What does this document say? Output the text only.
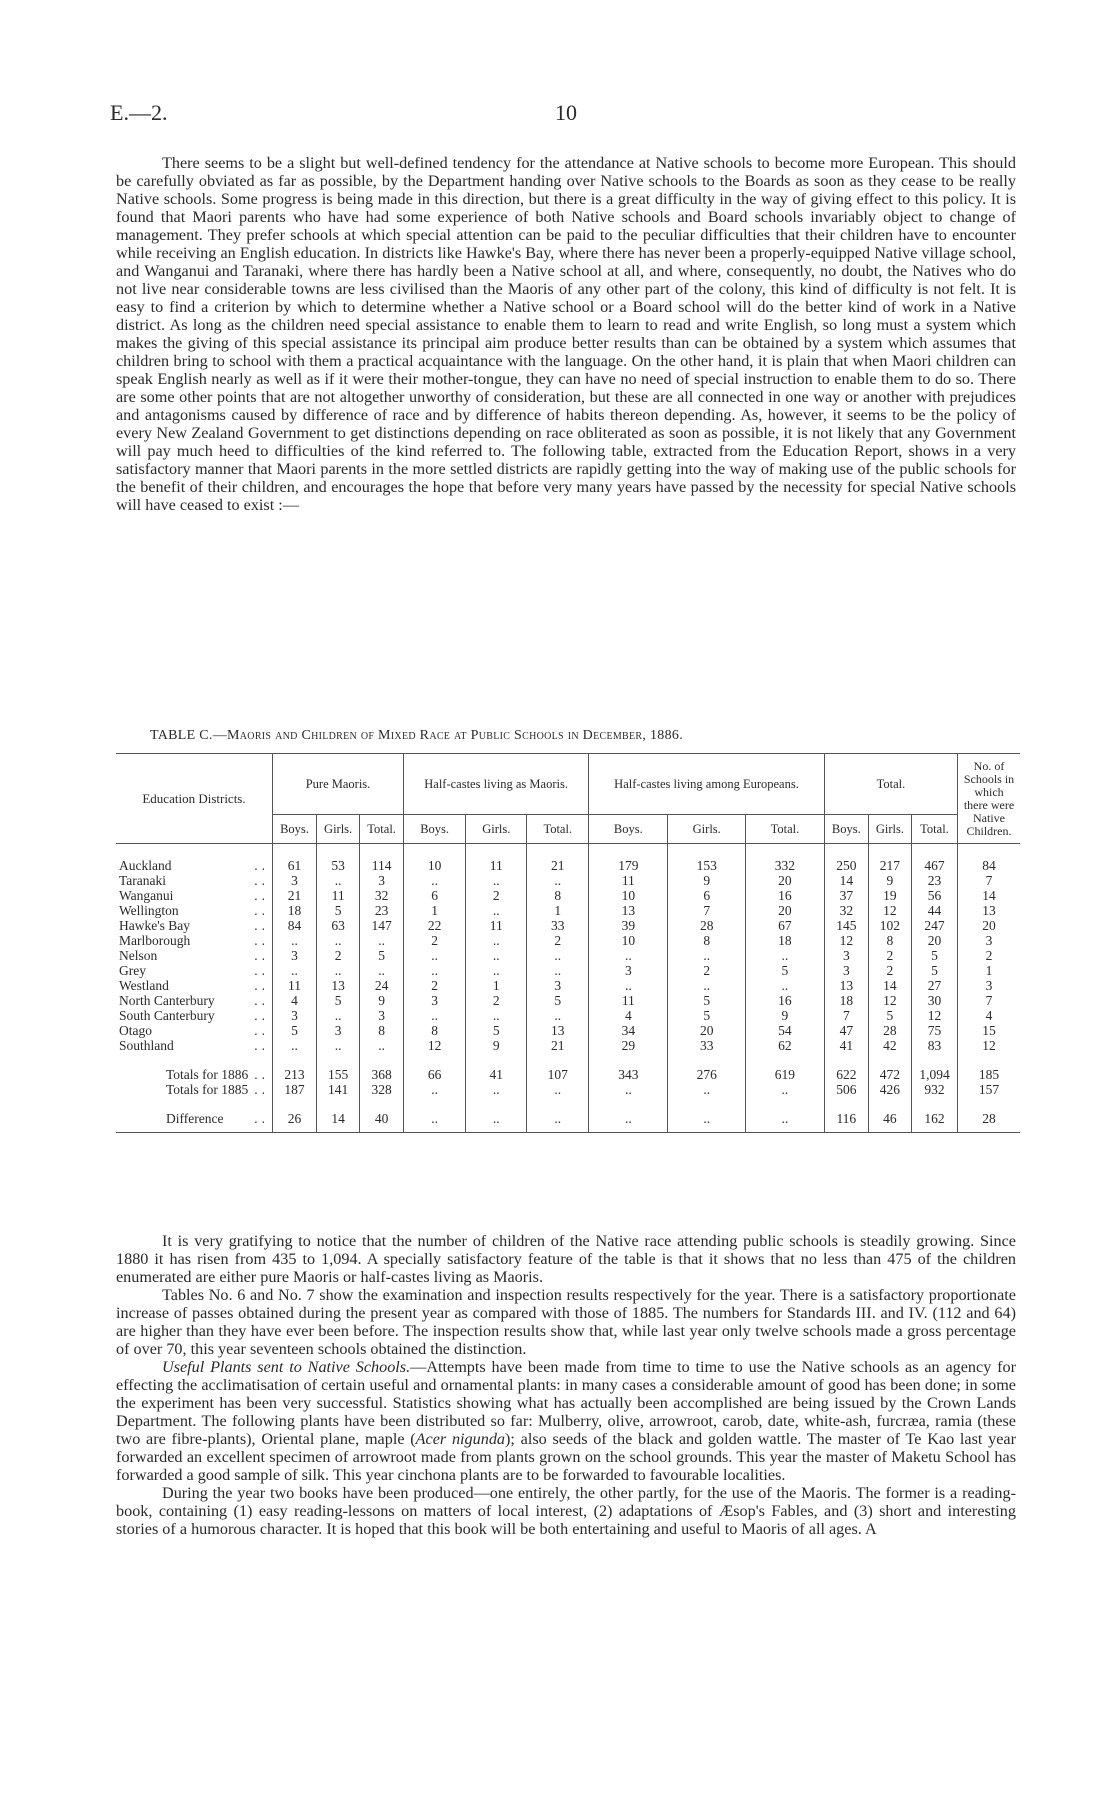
E.—2.	10

There seems to be a slight but well-defined tendency for the attendance at Native schools to become more European. This should be carefully obviated as far as possible, by the Department handing over Native schools to the Boards as soon as they cease to be really Native schools. Some progress is being made in this direction, but there is a great difficulty in the way of giving effect to this policy. It is found that Maori parents who have had some experience of both Native schools and Board schools invariably object to change of management. They prefer schools at which special attention can be paid to the peculiar difficulties that their children have to encounter while receiving an English education. In districts like Hawke's Bay, where there has never been a properly-equipped Native village school, and Wanganui and Taranaki, where there has hardly been a Native school at all, and where, consequently, no doubt, the Natives who do not live near considerable towns are less civilised than the Maoris of any other part of the colony, this kind of difficulty is not felt. It is easy to find a criterion by which to determine whether a Native school or a Board school will do the better kind of work in a Native district. As long as the children need special assistance to enable them to learn to read and write English, so long must a system which makes the giving of this special assistance its principal aim produce better results than can be obtained by a system which assumes that children bring to school with them a practical acquaintance with the language. On the other hand, it is plain that when Maori children can speak English nearly as well as if it were their mother-tongue, they can have no need of special instruction to enable them to do so. There are some other points that are not altogether unworthy of consideration, but these are all connected in one way or another with prejudices and antagonisms caused by difference of race and by difference of habits thereon depending. As, however, it seems to be the policy of every New Zealand Government to get distinctions depending on race obliterated as soon as possible, it is not likely that any Government will pay much heed to difficulties of the kind referred to. The following table, extracted from the Education Report, shows in a very satisfactory manner that Maori parents in the more settled districts are rapidly getting into the way of making use of the public schools for the benefit of their children, and encourages the hope that before very many years have passed by the necessity for special Native schools will have ceased to exist :—

TABLE C.—Maoris and Children of Mixed Race at Public Schools in December, 1886.
Education Districts.	Pure Maoris.			Half-castes living as Maoris.			Half-castes living among Europeans.			Total.			No. of Schools in which there were Native Children.
	Boys.	Girls.	Total.	Boys.	Girls.	Total.	Boys.	Girls.	Total.	Boys.	Girls.	Total.	

Auckland ..	61	53	114	10	11	21	179	153	332	250	217	467	84
Taranaki ..	3	..	3	..	..	..	11	9	20	14	9	23	7
Wanganui ..	21	11	32	6	2	8	10	6	16	37	19	56	14
Wellington ..	18	5	23	1	..	1	13	7	20	32	12	44	13
Hawke's Bay ..	84	63	147	22	11	33	39	28	67	145	102	247	20
Marlborough ..	..	..	..	2	..	2	10	8	18	12	8	20	3
Nelson ..	3	2	5	..	..	..	..	..	..	3	2	5	2
Grey ..	..	..	..	..	..	..	3	2	5	3	2	5	1
Westland ..	11	13	24	2	1	3	..	..	..	13	14	27	3
North Canterbury ..	4	5	9	3	2	5	11	5	16	18	12	30	7
South Canterbury ..	3	..	3	..	..	..	4	5	9	7	5	12	4
Otago ..	5	3	8	8	5	13	34	20	54	47	28	75	15
Southland ..	..	..	..	12	9	21	29	33	62	41	42	83	12

Totals for 1886 ..	213	155	368	66	41	107	343	276	619	622	472	1,094	185
Totals for 1885 ..	187	141	328	..	..	..	..	..	..	506	426	932	157

Difference ..	26	14	40	..	..	..	..	..	..	116	46	162	28

It is very gratifying to notice that the number of children of the Native race attending public schools is steadily growing. Since 1880 it has risen from 435 to 1,094. A specially satisfactory feature of the table is that it shows that no less than 475 of the children enumerated are either pure Maoris or half-castes living as Maoris.

Tables No. 6 and No. 7 show the examination and inspection results respectively for the year. There is a satisfactory proportionate increase of passes obtained during the present year as compared with those of 1885. The numbers for Standards III. and IV. (112 and 64) are higher than they have ever been before. The inspection results show that, while last year only twelve schools made a gross percentage of over 70, this year seventeen schools obtained the distinction.

Useful Plants sent to Native Schools.—Attempts have been made from time to time to use the Native schools as an agency for effecting the acclimatisation of certain useful and ornamental plants: in many cases a considerable amount of good has been done; in some the experiment has been very successful. Statistics showing what has actually been accomplished are being issued by the Crown Lands Department. The following plants have been distributed so far: Mulberry, olive, arrowroot, carob, date, white-ash, furcræa, ramia (these two are fibre-plants), Oriental plane, maple (Acer nigunda); also seeds of the black and golden wattle. The master of Te Kao last year forwarded an excellent specimen of arrowroot made from plants grown on the school grounds. This year the master of Maketu School has forwarded a good sample of silk. This year cinchona plants are to be forwarded to favourable localities.

During the year two books have been produced—one entirely, the other partly, for the use of the Maoris. The former is a reading-book, containing (1) easy reading-lessons on matters of local interest, (2) adaptations of Æsop's Fables, and (3) short and interesting stories of a humorous character. It is hoped that this book will be both entertaining and useful to Maoris of all ages. A
